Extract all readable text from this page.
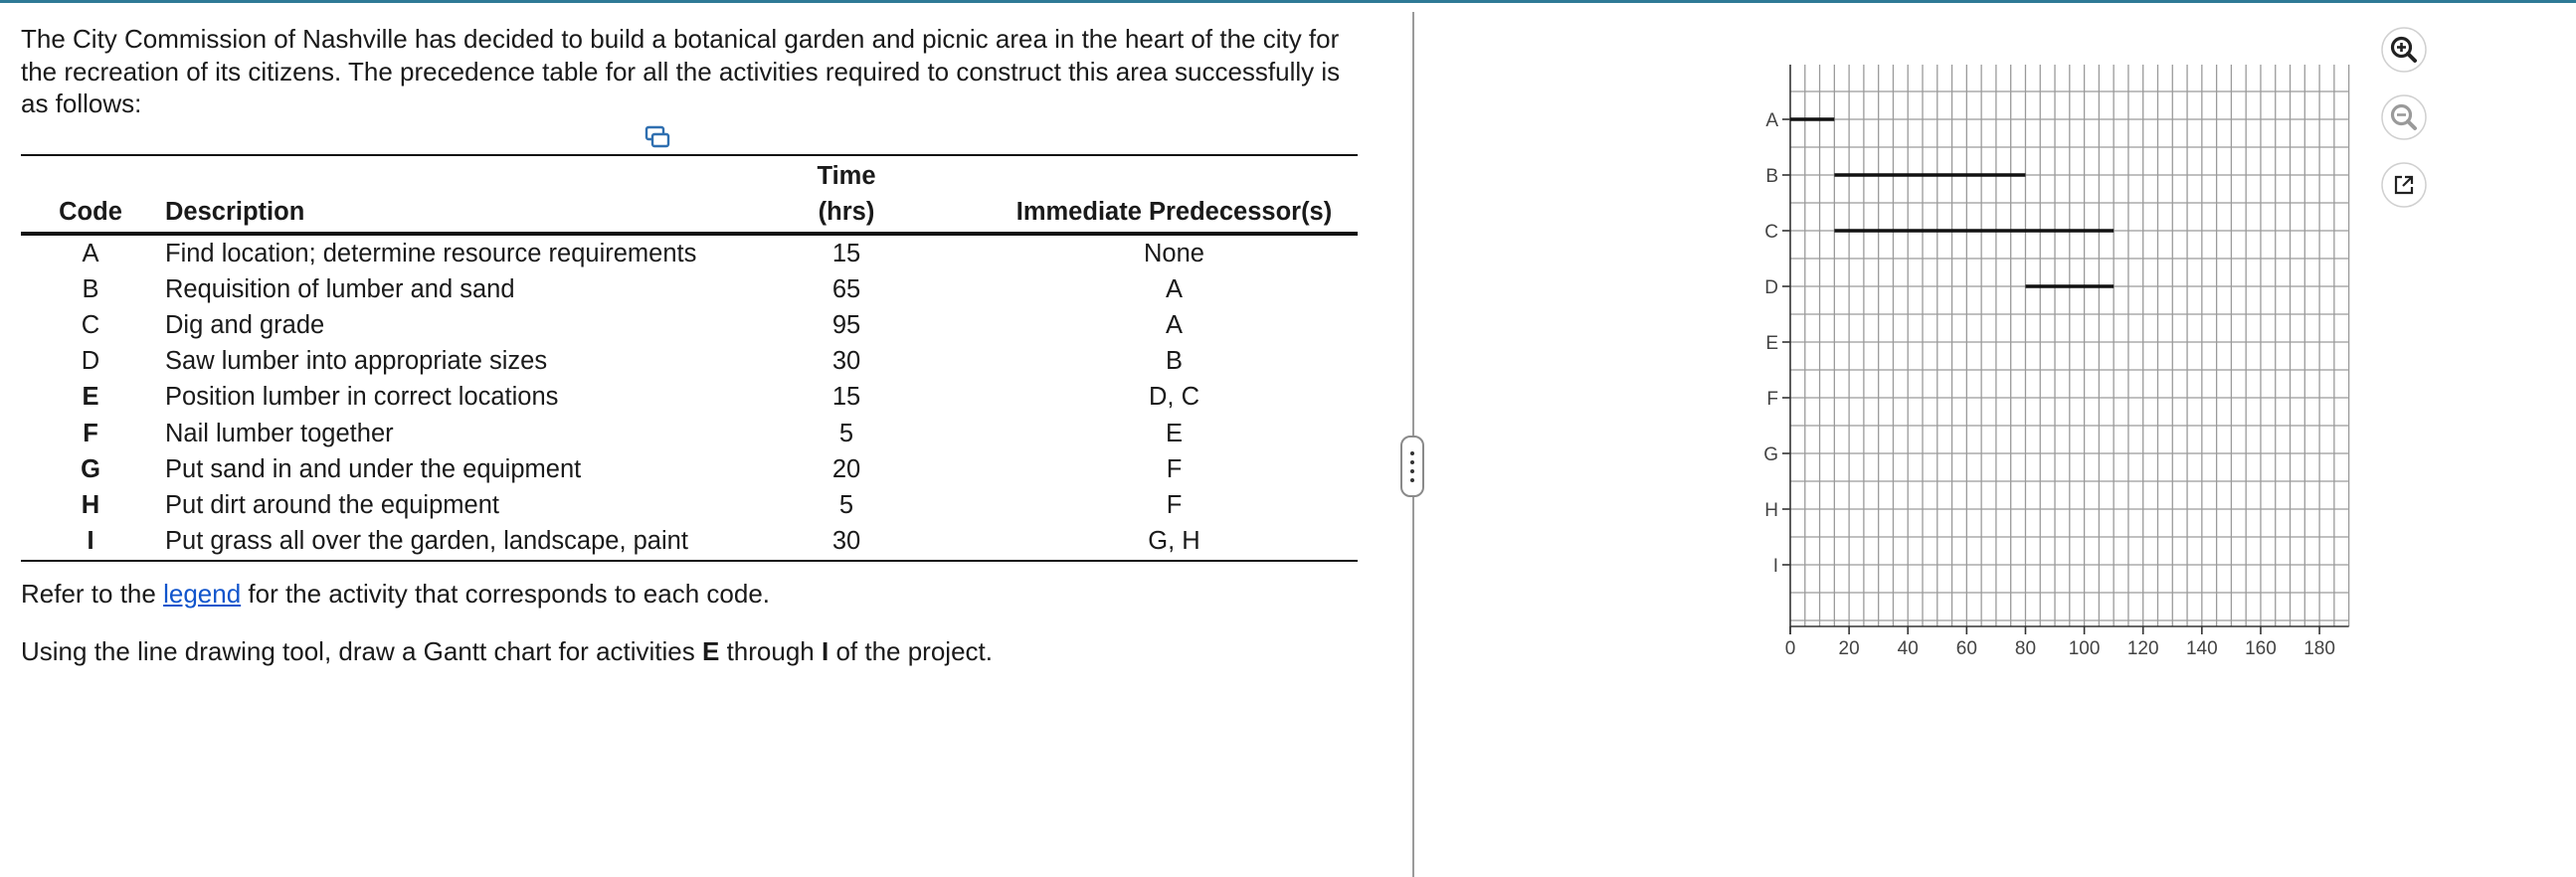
The City Commission of Nashville has decided to build a botanical garden and picnic area in the heart of the city for the recreation of its citizens. The precedence table for all the activities required to construct this area successfully is as follows:

		Time	
Code	Description	(hrs)	Immediate Predecessor(s)
A	Find location; determine resource requirements	15	None
B	Requisition of lumber and sand	65	A
C	Dig and grade	95	A
D	Saw lumber into appropriate sizes	30	B
E	Position lumber in correct locations	15	D, C
F	Nail lumber together	5	E
G	Put sand in and under the equipment	20	F
H	Put dirt around the equipment	5	F
I	Put grass all over the garden, landscape, paint	30	G, H

Refer to the legend for the activity that corresponds to each code.

Using the line drawing tool, draw a Gantt chart for activities E through I of the project.

A
B
C
D
E
F
G
H
I
0 20 40 60 80 100 120 140 160 180
